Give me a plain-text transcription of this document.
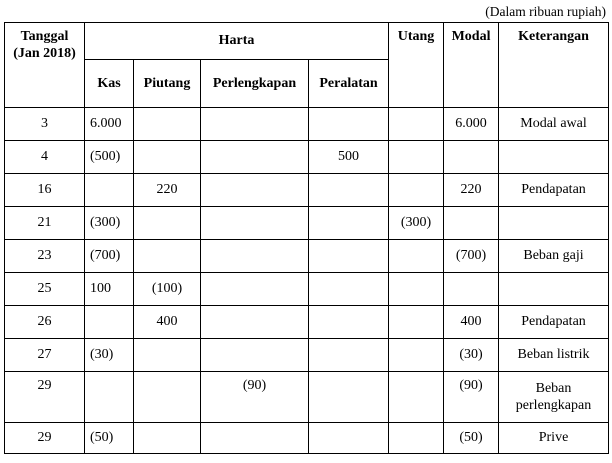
(Dalam ribuan rupiah)
Tanggal (Jan 2018)	Harta				Utang	Modal	Keterangan
	Kas	Piutang	Perlengkapan	Peralatan			
3	6.000					6.000	Modal awal
4	(500)			500			
16		220				220	Pendapatan
21	(300)				(300)		
23	(700)					(700)	Beban gaji
25	100	(100)					
26		400				400	Pendapatan
27	(30)					(30)	Beban listrik
29			(90)			(90)	Beban perlengkapan
29	(50)					(50)	Prive
